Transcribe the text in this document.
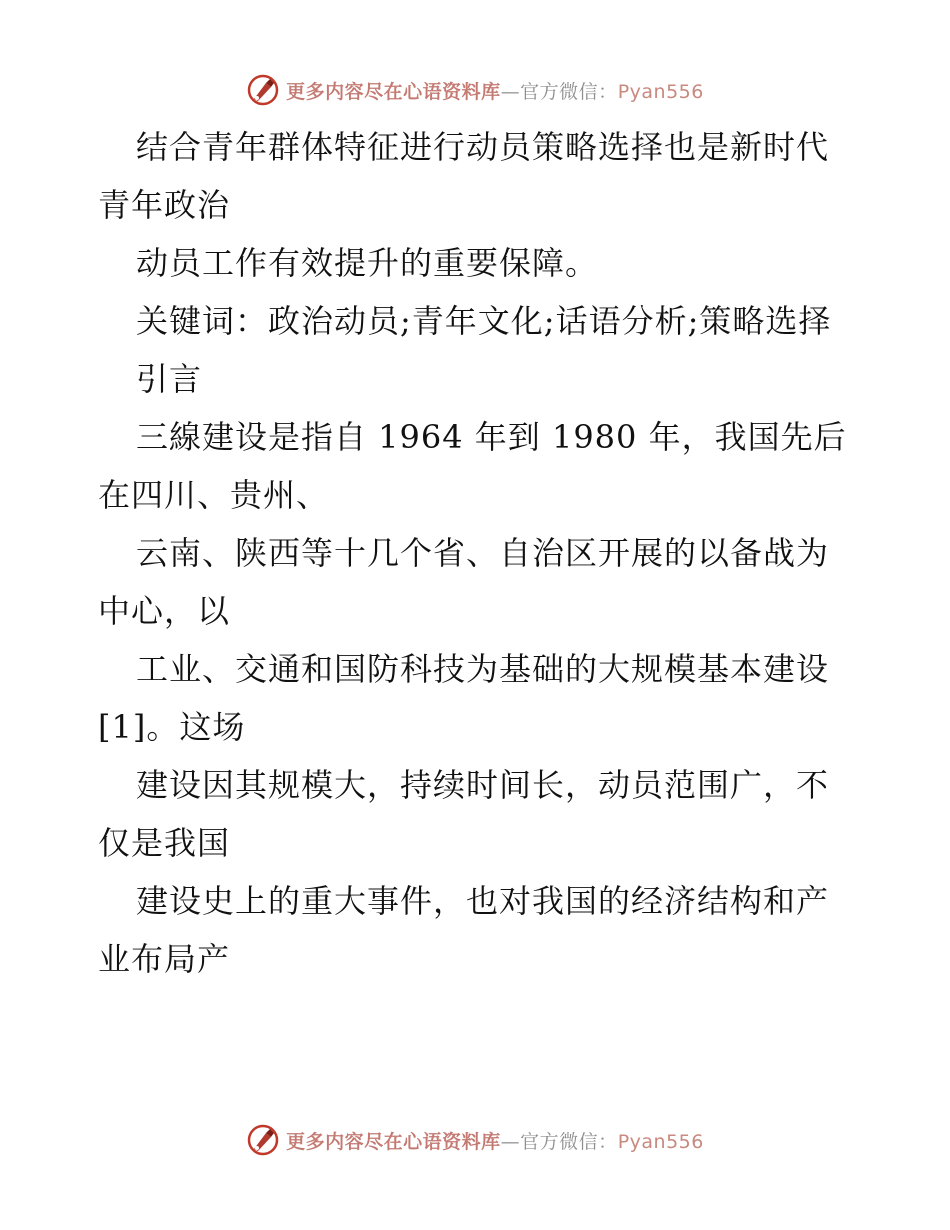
更多内容尽在心语资料库—官方微信：Pyan556

结合青年群体特征进行动员策略选择也是新时代青年政治

动员工作有效提升的重要保障。

关键词：政治动员;青年文化;话语分析;策略选择

引言

三線建设是指自 1964 年到 1980 年，我国先后在四川、贵州、

云南、陕西等十几个省、自治区开展的以备战为中心，以

工业、交通和国防科技为基础的大规模基本建设[1]。这场

建设因其规模大，持续时间长，动员范围广，不仅是我国

建设史上的重大事件，也对我国的经济结构和产业布局产

更多内容尽在心语资料库—官方微信：Pyan556
